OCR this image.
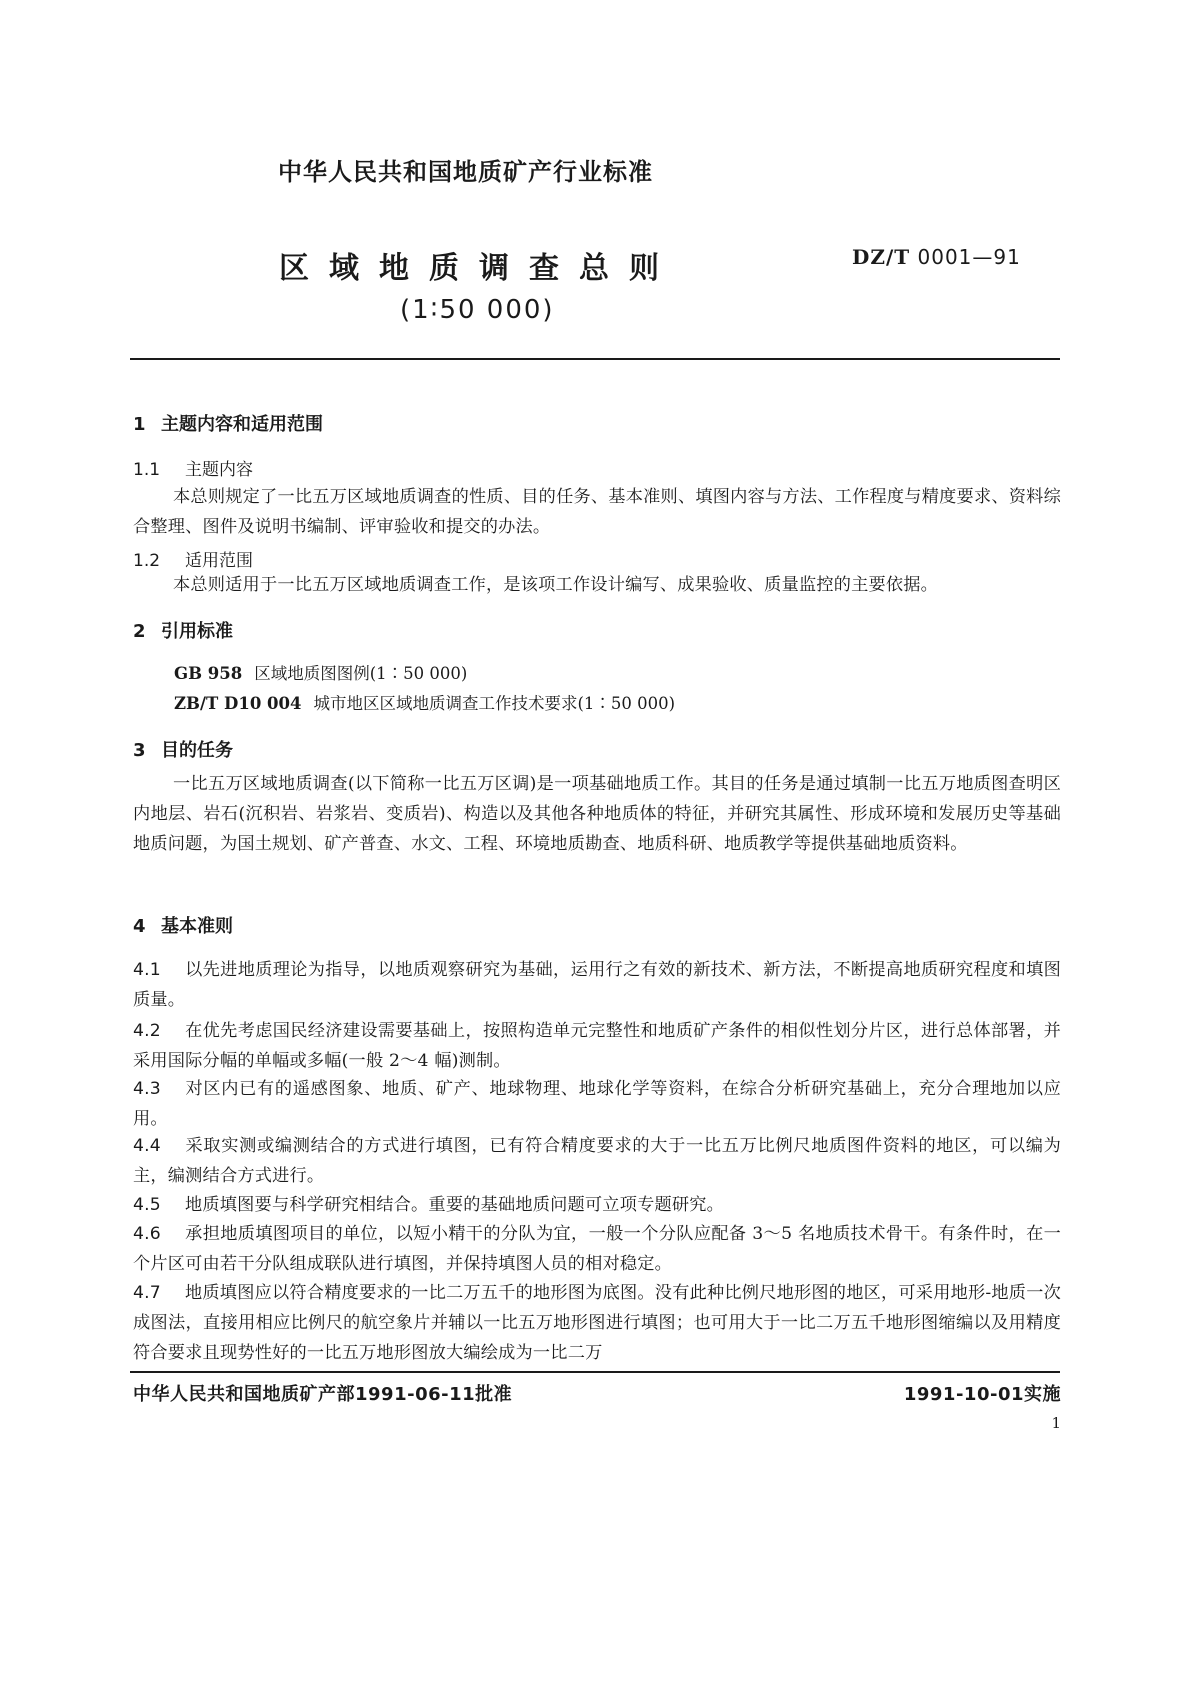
中华人民共和国地质矿产行业标准
区域地质调查总则	DZ/T 0001—91
(1∶50 000)
1 主题内容和适用范围
1.1 主题内容
本总则规定了一比五万区域地质调查的性质、目的任务、基本准则、填图内容与方法、工作程度与精度要求、资料综合整理、图件及说明书编制、评审验收和提交的办法。
1.2 适用范围
本总则适用于一比五万区域地质调查工作，是该项工作设计编写、成果验收、质量监控的主要依据。
2 引用标准
GB 958 区域地质图图例(1∶50 000)
ZB/T D10 004 城市地区区域地质调查工作技术要求(1∶50 000)
3 目的任务
一比五万区域地质调查(以下简称一比五万区调)是一项基础地质工作。其目的任务是通过填制一比五万地质图查明区内地层、岩石(沉积岩、岩浆岩、变质岩)、构造以及其他各种地质体的特征，并研究其属性、形成环境和发展历史等基础地质问题，为国土规划、矿产普查、水文、工程、环境地质勘查、地质科研、地质教学等提供基础地质资料。
4 基本准则
4.1 以先进地质理论为指导，以地质观察研究为基础，运用行之有效的新技术、新方法，不断提高地质研究程度和填图质量。
4.2 在优先考虑国民经济建设需要基础上，按照构造单元完整性和地质矿产条件的相似性划分片区，进行总体部署，并采用国际分幅的单幅或多幅(一般 2～4 幅)测制。
4.3 对区内已有的遥感图象、地质、矿产、地球物理、地球化学等资料，在综合分析研究基础上，充分合理地加以应用。
4.4 采取实测或编测结合的方式进行填图，已有符合精度要求的大于一比五万比例尺地质图件资料的地区，可以编为主，编测结合方式进行。
4.5 地质填图要与科学研究相结合。重要的基础地质问题可立项专题研究。
4.6 承担地质填图项目的单位，以短小精干的分队为宜，一般一个分队应配备 3～5 名地质技术骨干。有条件时，在一个片区可由若干分队组成联队进行填图，并保持填图人员的相对稳定。
4.7 地质填图应以符合精度要求的一比二万五千的地形图为底图。没有此种比例尺地形图的地区，可采用地形-地质一次成图法，直接用相应比例尺的航空象片并辅以一比五万地形图进行填图；也可用大于一比二万五千地形图缩编以及用精度符合要求且现势性好的一比五万地形图放大编绘成为一比二万
中华人民共和国地质矿产部1991-06-11批准	1991-10-01实施
1
